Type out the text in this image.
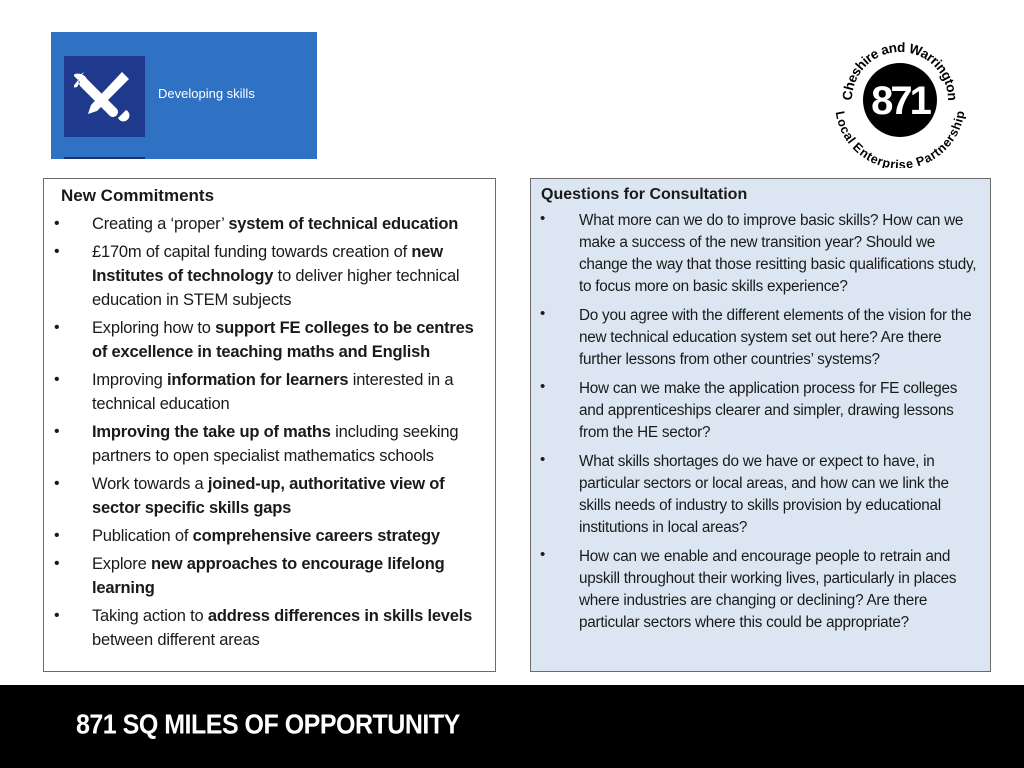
Developing skills	871
Cheshire and Warrington
Local Enterprise Partnership
New Commitments
• Creating a ‘proper’ system of technical education
• £170m of capital funding towards creation of new Institutes of technology to deliver higher technical education in STEM subjects
• Exploring how to support FE colleges to be centres of excellence in teaching maths and English
• Improving information for learners interested in a technical education
• Improving the take up of maths including seeking partners to open specialist mathematics schools
• Work towards a joined-up, authoritative view of sector specific skills gaps
• Publication of comprehensive careers strategy
• Explore new approaches to encourage lifelong learning
• Taking action to address differences in skills levels between different areas
Questions for Consultation
• What more can we do to improve basic skills? How can we make a success of the new transition year? Should we change the way that those resitting basic qualifications study, to focus more on basic skills experience?
• Do you agree with the different elements of the vision for the new technical education system set out here? Are there further lessons from other countries’ systems?
• How can we make the application process for FE colleges and apprenticeships clearer and simpler, drawing lessons from the HE sector?
• What skills shortages do we have or expect to have, in particular sectors or local areas, and how can we link the skills needs of industry to skills provision by educational institutions in local areas?
• How can we enable and encourage people to retrain and upskill throughout their working lives, particularly in places where industries are changing or declining? Are there particular sectors where this could be appropriate?
871 SQ MILES OF OPPORTUNITY
